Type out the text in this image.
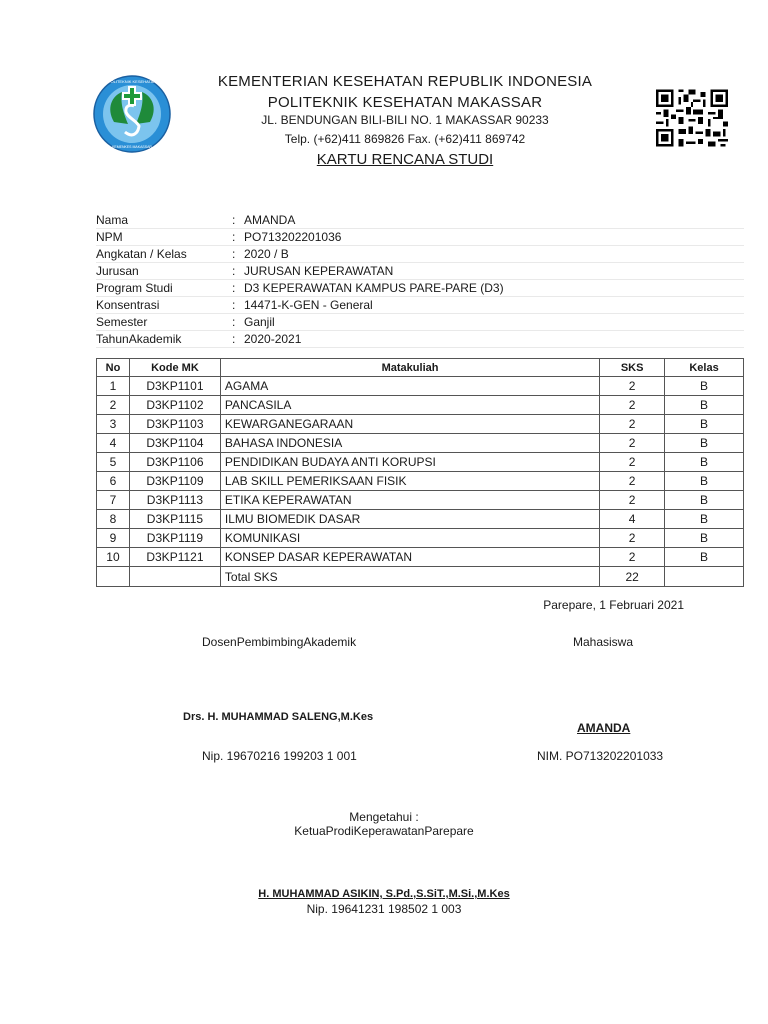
POLITEKNIK KESEHATAN
KEMENKES MAKASSAR
KEMENTERIAN KESEHATAN REPUBLIK INDONESIA
POLITEKNIK KESEHATAN MAKASSAR
JL. BENDUNGAN BILI-BILI NO. 1 MAKASSAR 90233
Telp. (+62)411 869826 Fax. (+62)411 869742
KARTU RENCANA STUDI
Nama	: AMANDA
NPM	: PO713202201036
Angkatan / Kelas	: 2020 / B
Jurusan	: JURUSAN KEPERAWATAN
Program Studi	: D3 KEPERAWATAN KAMPUS PARE-PARE (D3)
Konsentrasi	: 14471-K-GEN - General
Semester	: Ganjil
TahunAkademik	: 2020-2021
No	Kode MK	Matakuliah	SKS	Kelas
1	D3KP1101	AGAMA	2	B
2	D3KP1102	PANCASILA	2	B
3	D3KP1103	KEWARGANEGARAAN	2	B
4	D3KP1104	BAHASA INDONESIA	2	B
5	D3KP1106	PENDIDIKAN BUDAYA ANTI KORUPSI	2	B
6	D3KP1109	LAB SKILL PEMERIKSAAN FISIK	2	B
7	D3KP1113	ETIKA KEPERAWATAN	2	B
8	D3KP1115	ILMU BIOMEDIK DASAR	4	B
9	D3KP1119	KOMUNIKASI	2	B
10	D3KP1121	KONSEP DASAR KEPERAWATAN	2	B
		Total SKS	22	
Parepare, 1 Februari 2021
DosenPembimbingAkademik	Mahasiswa
Drs. H. MUHAMMAD SALENG,M.Kes
AMANDA
Nip. 19670216 199203 1 001	NIM. PO713202201033
Mengetahui :
KetuaProdiKeperawatanParepare
H. MUHAMMAD ASIKIN, S.Pd.,S.SiT.,M.Si.,M.Kes
Nip. 19641231 198502 1 003
